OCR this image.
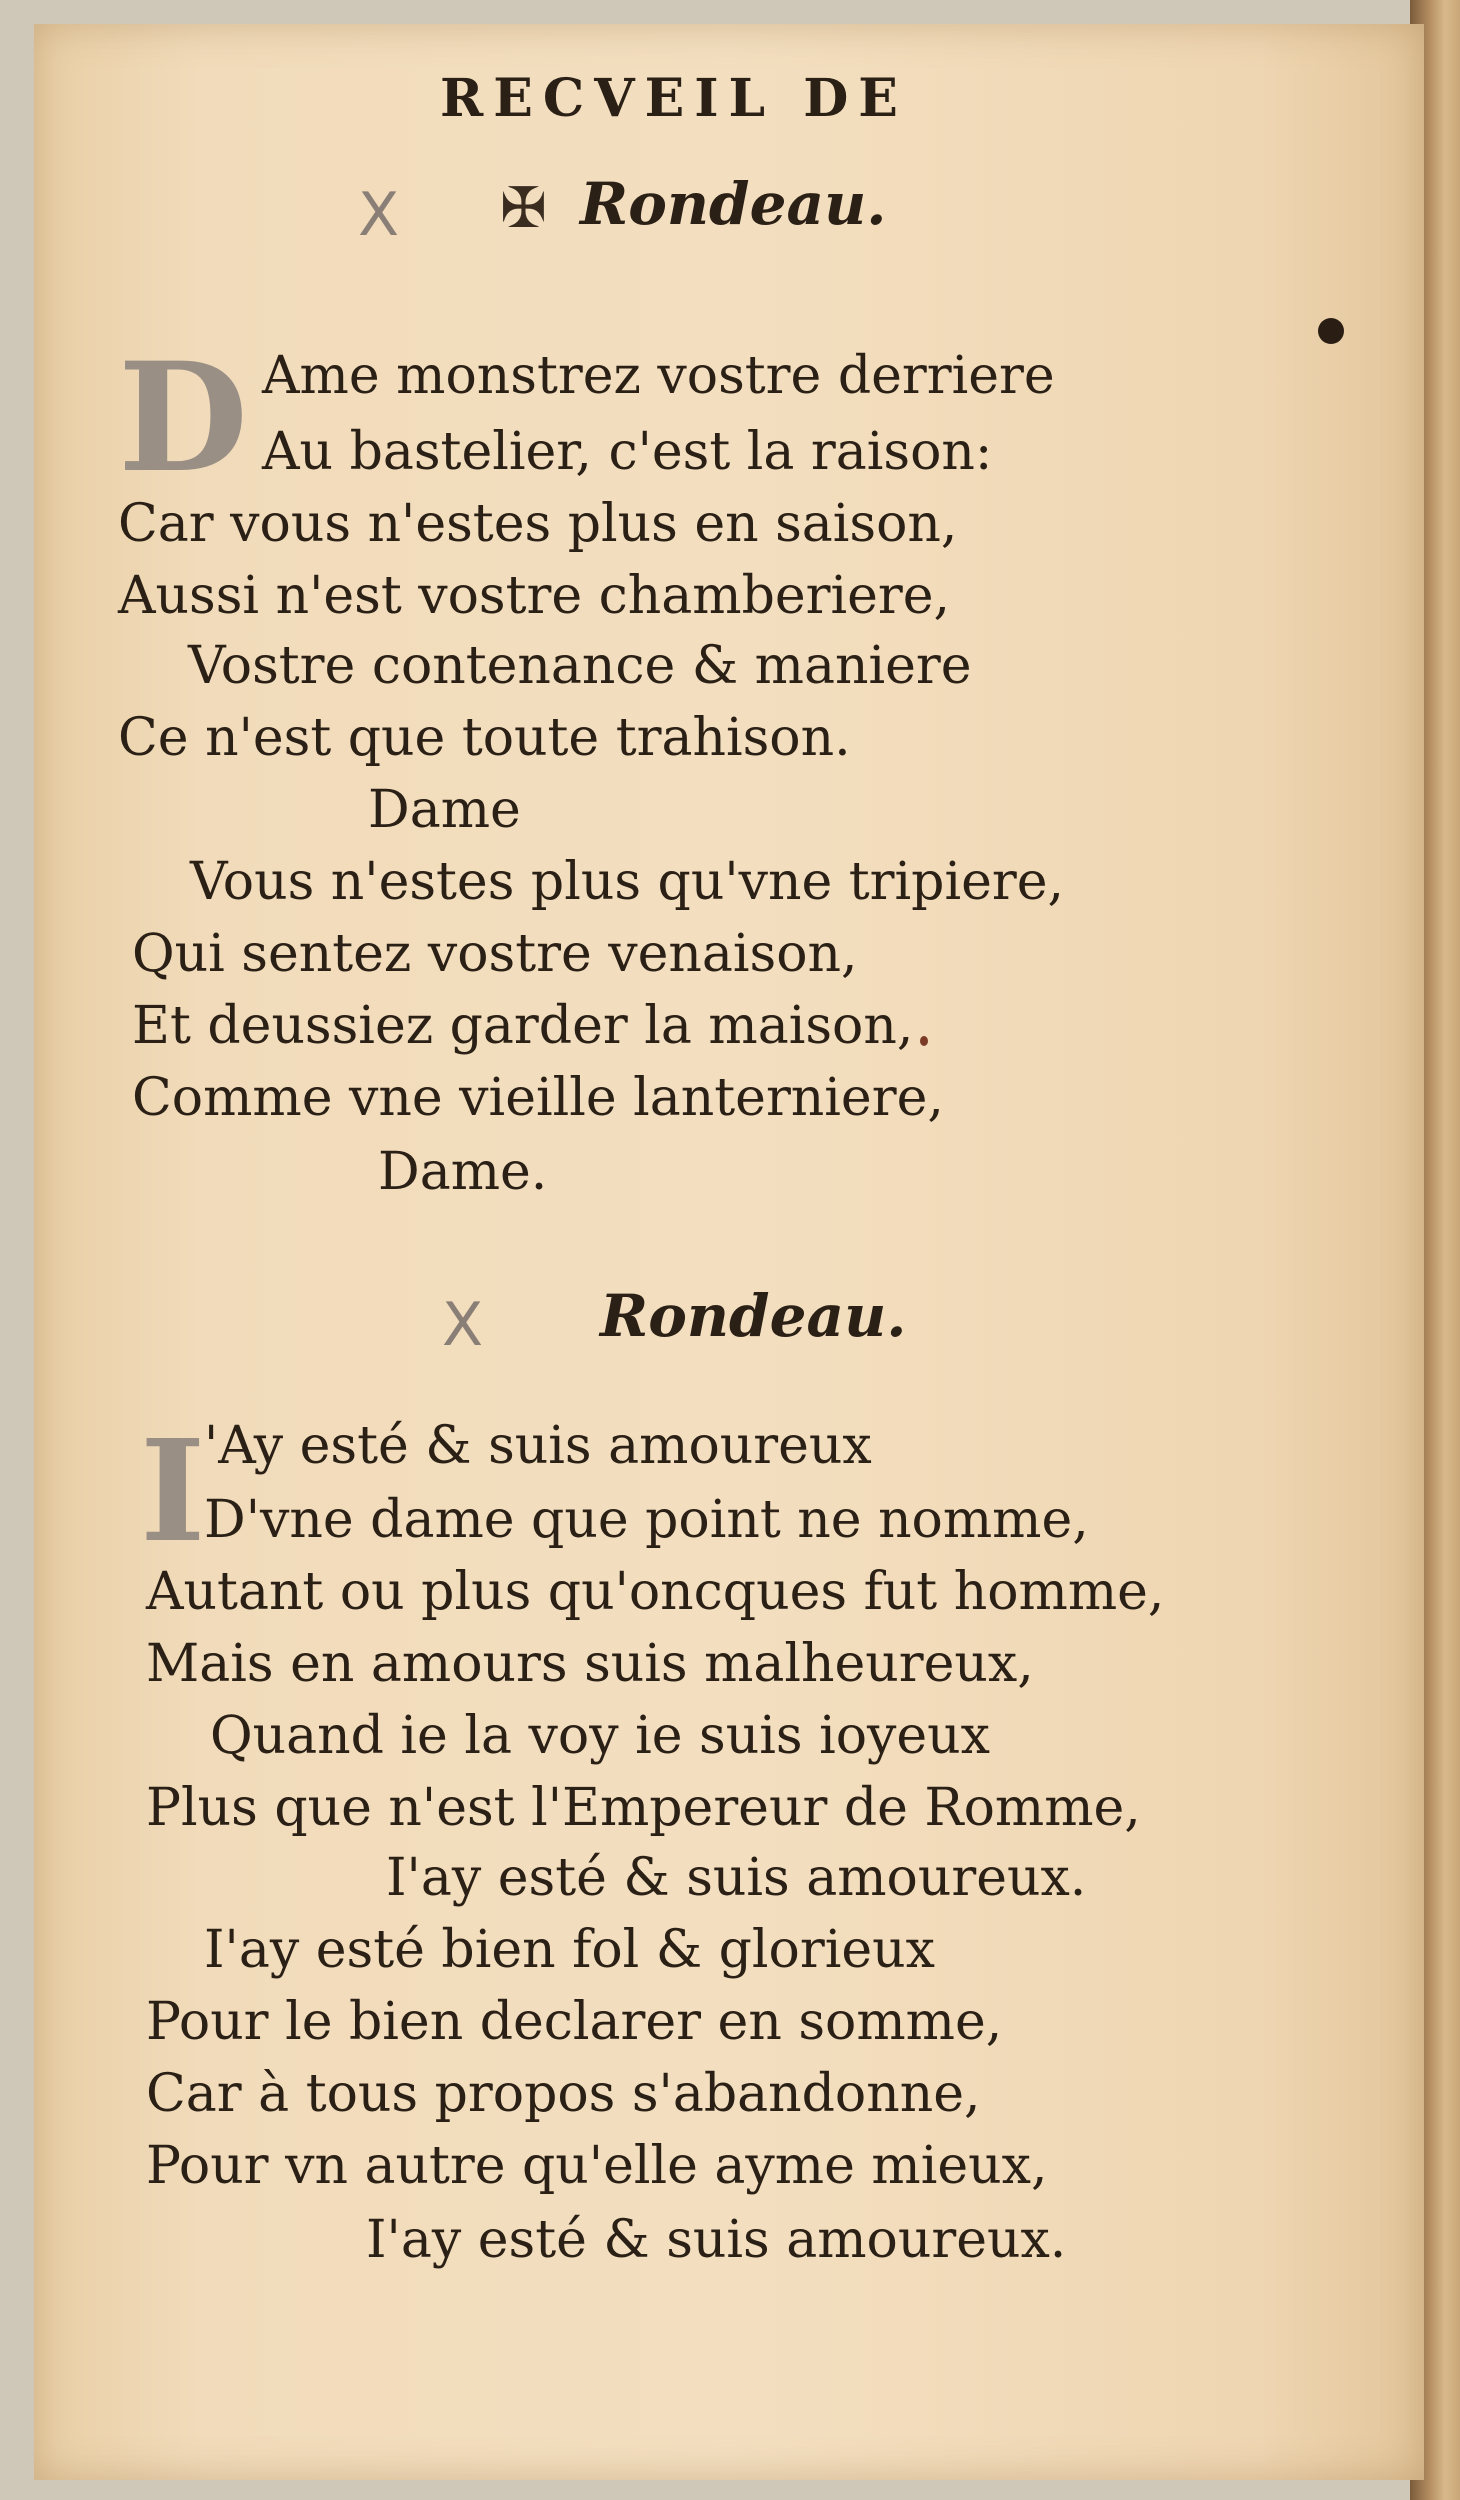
RECVEIL DE
X ✠ Rondeau.
D Ame monstrez vostre derriere
Au bastelier, c'est la raison:
Car vous n'estes plus en saison,
Aussi n'est vostre chamberiere,
Vostre contenance & maniere
Ce n'est que toute trahison.
Dame
Vous n'estes plus qu'vne tripiere,
Qui sentez vostre venaison,
Et deussiez garder la maison,
Comme vne vieille lanterniere,
Dame.
X Rondeau.
I
'Ay esté & suis amoureux
D'vne dame que point ne nomme,
Autant ou plus qu'oncques fut homme,
Mais en amours suis malheureux,
Quand ie la voy ie suis ioyeux
Plus que n'est l'Empereur de Romme,
I'ay esté & suis amoureux.
I'ay esté bien fol & glorieux
Pour le bien declarer en somme,
Car à tous propos s'abandonne,
Pour vn autre qu'elle ayme mieux,
I'ay esté & suis amoureux.
